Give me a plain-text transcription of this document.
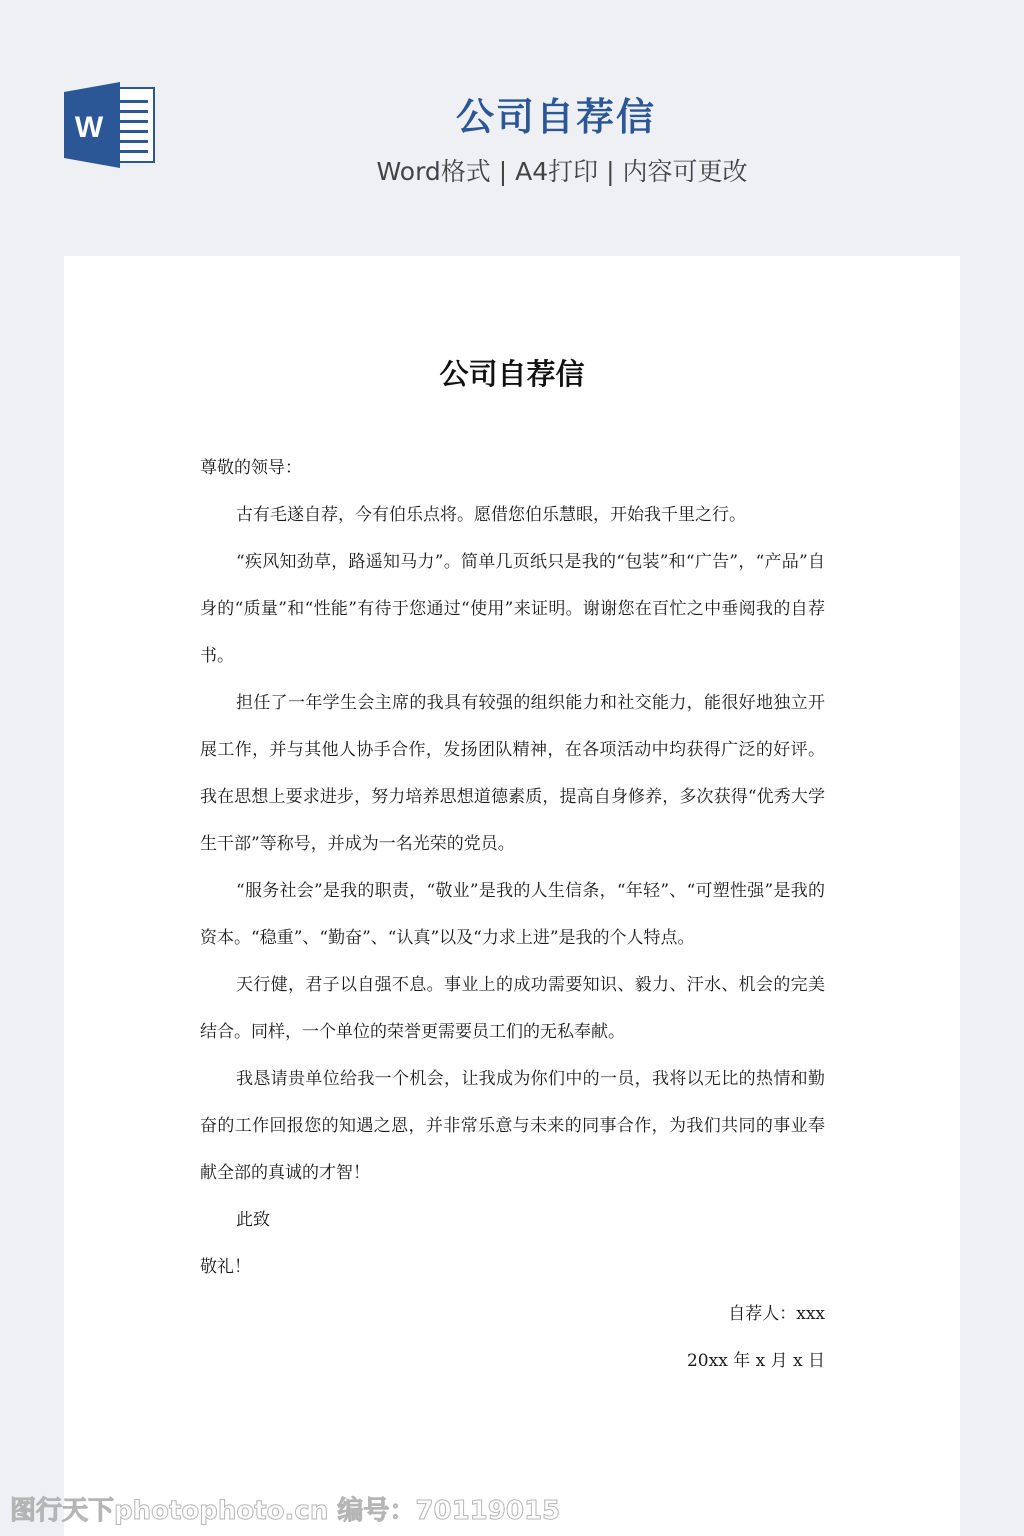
W	公司自荐信
Word格式 | A4打印 | 内容可更改
公司自荐信

尊敬的领导：

古有毛遂自荐，今有伯乐点将。愿借您伯乐慧眼，开始我千里之行。

“疾风知劲草，路遥知马力”。简单几页纸只是我的“包装”和“广告”，“产品”自身的“质量”和“性能”有待于您通过“使用”来证明。谢谢您在百忙之中垂阅我的自荐书。

担任了一年学生会主席的我具有较强的组织能力和社交能力，能很好地独立开展工作，并与其他人协手合作，发扬团队精神，在各项活动中均获得广泛的好评。我在思想上要求进步，努力培养思想道德素质，提高自身修养，多次获得“优秀大学生干部”等称号，并成为一名光荣的党员。

“服务社会”是我的职责，“敬业”是我的人生信条，“年轻”、“可塑性强”是我的资本。“稳重”、“勤奋”、“认真”以及“力求上进”是我的个人特点。

天行健，君子以自强不息。事业上的成功需要知识、毅力、汗水、机会的完美结合。同样，一个单位的荣誉更需要员工们的无私奉献。

我恳请贵单位给我一个机会，让我成为你们中的一员，我将以无比的热情和勤奋的工作回报您的知遇之恩，并非常乐意与未来的同事合作，为我们共同的事业奉献全部的真诚的才智！

此致

敬礼！

自荐人：xxx

20xx 年 x 月 x 日

图行天下photophoto.cn 编号：70119015
